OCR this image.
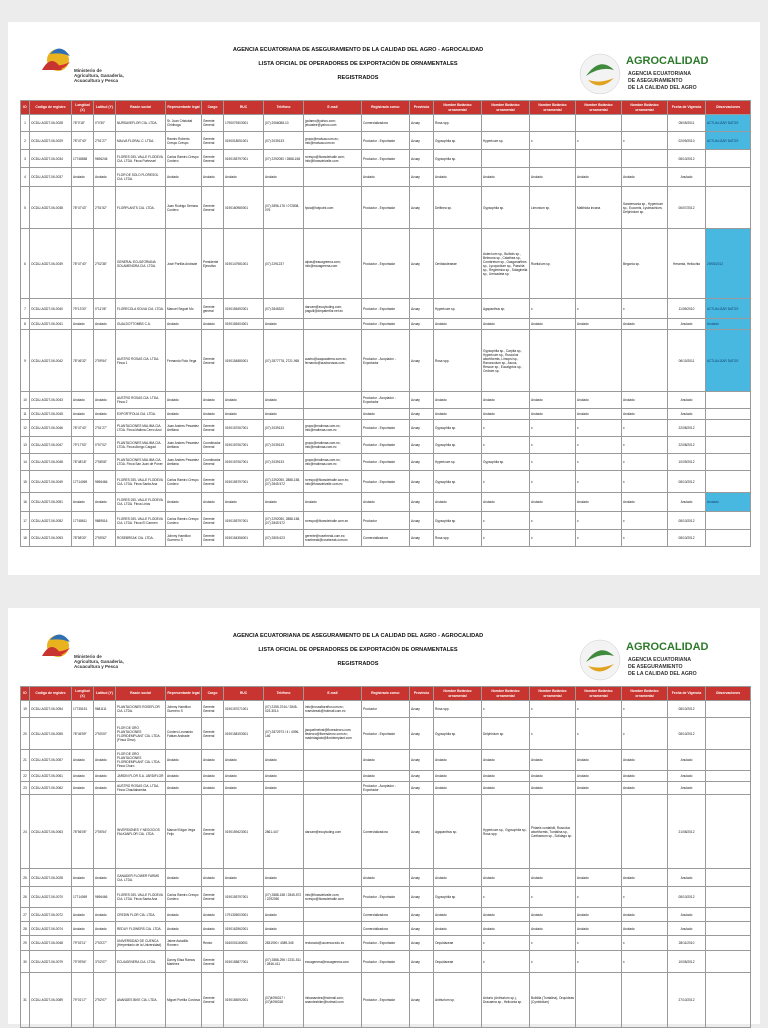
Ministerio de
Agricultura, Ganadería,
Acuacultura y Pesca
AGENCIA ECUATORIANA DE ASEGURAMIENTO DE LA CALIDAD DEL AGRO - AGROCALIDAD
LISTA OFICIAL DE OPERADORES DE EXPORTACIÓN DE ORNAMENTALES
REGISTRADOS
AGROCALIDAD
AGENCIA ECUATORIANA
DE ASEGURAMIENTO
DE LA CALIDAD DEL AGRO
ID	Codigo de registro	Longitud (X)	Latitud (Y)	Razón social	Representante legal	Cargo	RUC	Teléfono	E-mail	Registrado como:	Provincia	Nombre Botánico ornamental	Nombre Botánico ornamental	Nombre Botánico ornamental	Nombre Botánico ornamental	Nombre Botánico ornamental	Fecha de Vigencia	Observaciones	
1	OCDU-AGDT-06-0028	78°0'18"	0°0'30"	NURSAVEFLOR CIA. LTDA.	Sr. Juan Cristobal Chiriboga	Gerente General	1790079303001	(07) 2066088-10	jpclamo@yahoo.com; jeluaslee@yahoo.com	Comercializadora	Azuay	Rosa spp.					05/05/2011	ACTUALIZAR DATOS	
2	OCDU-AGDT-06-0029	78°47'40"	2°51'27"	MALVA FLORAL C. LTDA.	Ramiro Roberto Crespo Crespo	Gerente General	0190018051001	(07) 2039133	grupo@malvaa.com.ec; info@malvaa.com.ec	Productor - Exportador	Azuay	Gypsophila sp.	Hypericum sp.	x	x	x	02/09/2010	ACTUALIZAR DATOS	
3	OCDU-AGDT-06-0034	17748658	9696246	FLORES DEL VALLE FLODEVA CIA. LTDA. Finca Portezuel	Carlos Ramiro Crespo Cordero	Gerente General	0190155797001	(07) 2292050 / 2888-158	rcrespo@flowsdelvalle.com; info@flowsdelvalle.com	Productor - Exportador	Azuay	Gypsophila sp.					08/10/2012		
4	OCDU-AGDT-06-0037	Anulado	Anulado	FLOR DE SOLO FLORESOL CIA. LTDA.	Anulado	Anulado	Anulado	Anulado		Anulado	Azuay	Anulado	Anulado	Anulado	Anulado	Anulado	Anulado		
5	OCDU-AGDT-06-0038	78°47'43"	2°51'52"	FLORPLANTS CIA. LTDA.	Juan Rodrigo Serrano Cordero	Gerente General	0190160980001	(07) 2896-176 / 072808-076	fpcia@hotpoint.com	Productor - Exportador	Azuay	Delfinea sp.	Gypsophila sp.	Limonium sp.	Matthiola incana	Sandersonia sp., Hypericum sp., Eucomis, Lysimachium, Delphinium sp.	06/07/2012		
6	OCDU-AGDT-06-0039	78°47'40"	2°52'38"	GENERAL ECUATORIANA SOLAMENDRA CIA. LTDA.	José Portilla Andrade	Presidente Ejecutivo	0190147981001	(07) 2291237	alpas@eauagreena.com; info@eauagreena.com	Productor - Exportador	Azuay	Ornitalodeaeae	Aster/cum sp., Bulbids sp., Belmona sp., Calathea sp., Combretum sp., Gasganarthes sp., Lycopodium sp., Passiria sp., Regiminica sp., Solaginella sp., Umicadeta sp.	Ruelia/um sp.		Begonia sp.	Heramia, Heliochia	29/08/2012	
7	OCDU-AGDT-06-0040	79°13'30"	0°11'06"	FLORECOLA SOLVA CIA. LTDA.	Manuel Seguel Mo	Gerente general	0190155492001	(07) 2845320	darcam@ecoyluding.com; pagulli@dmpaterflor.net.ec	Productor - Exportador	Azuay	Hypericum sp.	Agapanthus sp.	x	x	x	11/09/2010	ACTUALIZAR DATOS	
8	OCDU-AGDT-06-0041	Anulado	Anulado	GUALDOTTOMBS C.A.	Anulado	Anulado	0190155404001	Anulado		Productor - Exportador	Azuay	Anulado	Anulado	Anulado	Anulado	Anulado	Anulado	Anulado	
9	OCDU-AGDT-06-0042	78°46'32"	2°59'54"	AUSTRO ROSAS CIA. LTDA. Finca 1	Fernando Rolo Vega	Gerente General	0190154880001	(07) 2877778, 2721-965	austro@auquaalerna.com.ec; fernando@austrorosas.com	Productor - Acopiador - Exportador	Azuay	Rosa spp.	Gypsophila sp., Carpita sp., Hypericum sp., Ruscolus abortiformis, Limopsi sp., Ranunculum sp., Ascus, Rescue sp., Eucalyptus sp., Cedrum sp.				06/10/2011	ACTUALIZAR DATOS	
10	OCDU-AGDT-06-0043	Anulado	Anulado	AUSTRO ROSAS CIA. LTDA. Finca 2	Anulado	Anulado	Anulado	Anulado		Productor - Acopiador - Exportador	Azuay	Anulado	Anulado	Anulado	Anulado	Anulado	Anulado		
11	OCDU-AGDT-06-0045	Anulado	Anulado	EXPORTFOLIA CIA. LTDA.	Anulado	Anulado	Anulado	Anulado		Anulado	Azuay	Anulado	Anulado	Anulado	Anulado	Anulado	Anulado		
12	OCDU-AGDT-06-0046	78°47'40"	2°51'27"	PLANTACIONES MALIMA CIA. LTDA. Finca Malima Cerro Azul	Juan Andres Pesantez Arellana	Gerente General	0190157067001	(07) 2039133	grupo@malimaa.com.ec; info@malimaa.com.ec	Productor - Exportador	Azuay	Gypsophila sp.	x	x	x	x	22/08/2012		
13	OCDU-AGDT-06-0047	79°17'53"	0°57'02"	PLANTACIONES MALIMA CIA. LTDA. Finca Abrigo Cargad	Juan Andres Pesantez Arellana	Coordinador General	0190157067001	(07) 2039133	grupo@malimaa.com.ec; info@malimaa.com.ec	Productor - Exportador	Azuay	Gypsophila sp.	x	x	x	x	22/08/2012		
14	OCDU-AGDT-06-0048	78°48'18"	2°58'08"	PLANTACIONES MALIMA CIA. LTDA. Finca San Juan de Poner	Juan Andres Pesantez Arellana	Coordinador General	0190157067001	(07) 2039133	grupo@malimaa.com.ec; info@malimaa.com.ec	Productor - Exportador	Azuay	Hypericum sp.	Gypsophila sp.	x	x	x	10/09/2012		
15	OCDU-AGDT-06-0049	17714069	9696466	FLORES DEL VALLE FLODEVA CIA. LTDA. Finca Santa Ana	Carlos Ramiro Crespo Cordero	Gerente General	0190155797001	(07) 2292050, 2888-158, (07) 2845 572	rcrespo@flowsdelvalle.com.ec; info@flowsdelvalle.com.ec	Productor - Exportador	Azuay	Gypsophila sp.	x	x	x	x	08/10/2012		
16	OCDU-AGDT-06-0051	Anulado	Anulado	FLORES DEL VALLE FLODEVA CIA. LTDA. Finca Lirios	Anulado	Anulado	Anulado	Anulado	Anulado	Anulado	Azuay	Anulado	Anulado	Anulado	Anulado	Anulado	Anulado	Anulado	
17	OCDU-AGDT-06-0052	17748611	9689516	FLORES DEL VALLE FLODEVA CIA. LTDA. Finca El Carmen	Carlos Ramiro Crespo Cordero	Gerente General	0190155797001	(07) 2292050, 2888-158, (07) 2845 572	rcrespo@flowsdelvalle.com.ec	Productor	Azuay	Gypsophila sp.	x	x	x	x	08/10/2012		
18	OCDU-AGDT-06-0053	78°58'30"	2°55'52"	ROSEBREAK CIA. LTDA.	Johnny Hamilton Guerrero S	Gerente General	0190154356001	(07) 2805 623	gerente@rosebreak.com.ec; rosebreak@rosebreak.com.ec	Comercializadora	Azuay	Rosa spp.	x	x	x	x	08/10/2012		
Ministerio de
Agricultura, Ganadería,
Acuacultura y Pesca
AGENCIA ECUATORIANA DE ASEGURAMIENTO DE LA CALIDAD DEL AGRO - AGROCALIDAD
LISTA OFICIAL DE OPERADORES DE EXPORTACIÓN DE ORNAMENTALES
REGISTRADOS
AGROCALIDAD
AGENCIA ECUATORIANA
DE ASEGURAMIENTO
DE LA CALIDAD DEL AGRO
ID	Codigo de registro	Longitud (X)	Latitud (Y)	Razón social	Representante legal	Cargo	RUC	Teléfono	E-mail	Registrado como:	Provincia	Nombre Botánico ornamental	Nombre Botánico ornamental	Nombre Botánico ornamental	Nombre Botánico ornamental	Nombre Botánico ornamental	Fecha de Vigencia	Observaciones
19	OCDU-AGDT-06-0054	17735151	9681111	PLANTACIONES ROSEFLOR CIA. LTDA.	Johnny Hamilton Guerrero S	Gerente General	0190157071001	(07) 2255-3744 / 2845-023-3014	info@rosasfloraflor.com.ec; rosesbreak@hotmail.com.ec	Productor	Azuay	Rosa spp.	x	x	x	x	08/10/2012	
20	OCDU-AGDT-06-0055	78°46'59"	2°50'00"	FLOR DE ORO PLANTACIONES FLORIDEMPLANT CIA. LTDA. (Finca Olmo)	Cordero Leonardo Fabian Andrade	Gerente General	0190158193001	(07) 2872973 / 4 / 4096-146	jacquelinelnst@floresdeoro.com; fledeoro@floresdeoro.com.ec; madridagiato@floridemplant.com	Productor - Exportador	Azuay	Gypsophila sp.	Delphinium sp.	x	x	x	08/10/2012	
21	OCDU-AGDT-06-0057	Anulado	Anulado	FLOR DE ORO PLANTACIONES FLORIDEMPLANT CIA. LTDA. Finca Churo	Anulado	Anulado	Anulado	Anulado		Anulado	Azuay	Anulado	Anulado	Anulado	Anulado	Anulado	Anulado	
22	OCDU-AGDT-06-0061	Anulado	Anulado	JARDIN FLOR S.A. JARDIFLOR	Anulado	Anulado	Anulado	Anulado		Anulado	Azuay	Anulado	Anulado	Anulado	Anulado	Anulado	Anulado	
23	OCDU-AGDT-06-0062	Anulado	Anulado	AUSTRO ROSAS CIA. LTDA. Finca Chaullabamba	Anulado	Anulado	Anulado	Anulado		Productor - Acopiador - Exportador	Azuay	Anulado	Anulado	Anulado	Anulado	Anulado	Anulado	
24	OCDU-AGDT-06-0063	78°56'05"	2°55'54"	INVERSIONES Y NEGOCIOS FALKANFLOR CIA. LTDA.	Manuel Edgar Vega Feijo	Gerente General	0190159423001	2861-447	darcam@ecoyluding.com	Comercializadora	Azuay	Agapanthus sp.	Hypericum sp., Gypsophila sp., Rosa spp.	Phlaeis cordafolii, Ruscolus abortiformis, Tuntalina sp., Carthamum sp., Solidago sp.			21/08/2012	
25	OCDU-AGDT-06-0028	Anulado	Anulado	GANADER FLOWER FARMS CIA. LTDA.	Anulado	Anulado	Anulado	Anulado		Anulado	Azuay	Anulado	Anulado	Anulado	Anulado	Anulado	Anulado	
26	OCDU-AGDT-06-0070	17714069	9696466	FLORES DEL VALLE FLODEVA CIA. LTDA. Finca Santa Ana	Carlos Ramiro Crespo Cordero	Gerente General	0190155797001	(07) 2888-158 / 2845-572 / 2292050	info@flowsdelvalle.com; rcrespo@flowsdelvalle.com	Productor - Exportador	Azuay	Gypsophila sp.	x	x	x	x	08/10/2012	
27	OCDU-AGDT-06-0072	Anulado	Anulado	CREDIN FLOR CIA. LTDA.	Anulado	Anulado	1791305003001	Anulado		Comercializadora	Azuay	Anulado	Anulado	Anulado	Anulado	Anulado	Anulado	
28	OCDU-AGDT-06-0074	Anulado	Anulado	REDUY FLOWERS CIA. LTDA.	Anulado	Anulado	0190162962001	Anulado		Comercializadora	Azuay	Anulado	Anulado	Anulado	Anulado	Anulado	Anulado	
29	OCDU-AGDT-06-0048	79°02'11"	2°53'27"	UNIVERSIDAD DE CUENCA (Herpentario de la Universidad)	Jaime Astudillo Romero	Rector	0160001160001	2831900 / 4089-345	rectorado@ucuenca.edu.ec	Productor - Exportador	Azuay	Orquidaceae	x	x	x	x	28/11/2010	
30	OCDU-AGDT-06-0079	79°09'54"	3°02'07"	ECUAGENERA CIA. LTDA.	Danny Elisa Ramos Martínez	Gerente General	0190155877001	(07) 2888-296 / 2231-511 / 2846-411	ecuagenera@ecuagenera.com	Productor - Exportador	Azuay	Orquidaceae	x	x	x	x	10/05/2012	
31	OCDU-AGDT-06-0089	79°01'17"	2°52'07"	ANANDES BIKE CIA. LTDA.	Miguel Portilla Cordova	Gerente General	0190165092001	(07)4096317 / (07)4096318	infoanandes@hotmail.com; anandesbike@hotmail.com	Productor - Exportador	Azuay	Anthurium sp.	Anturio (Anthurium sp.), Dracaena sp., Heliconia sp.	Bulbilla (Tuntalina), Orquídeas (Cymbidium)			27/10/2012	
